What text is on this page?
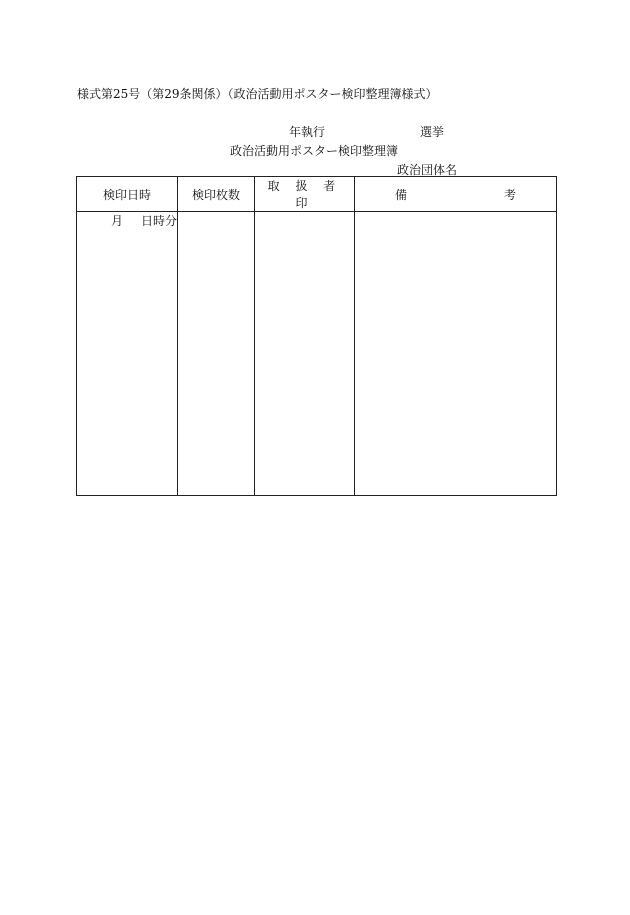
様式第25号（第29条関係）（政治活動用ポスター検印整理簿様式）
年執行	選挙
政治活動用ポスター検印整理簿
政治団体名
検印日時	検印枚数	取 扱 者 印	備 考

月 日時分			
